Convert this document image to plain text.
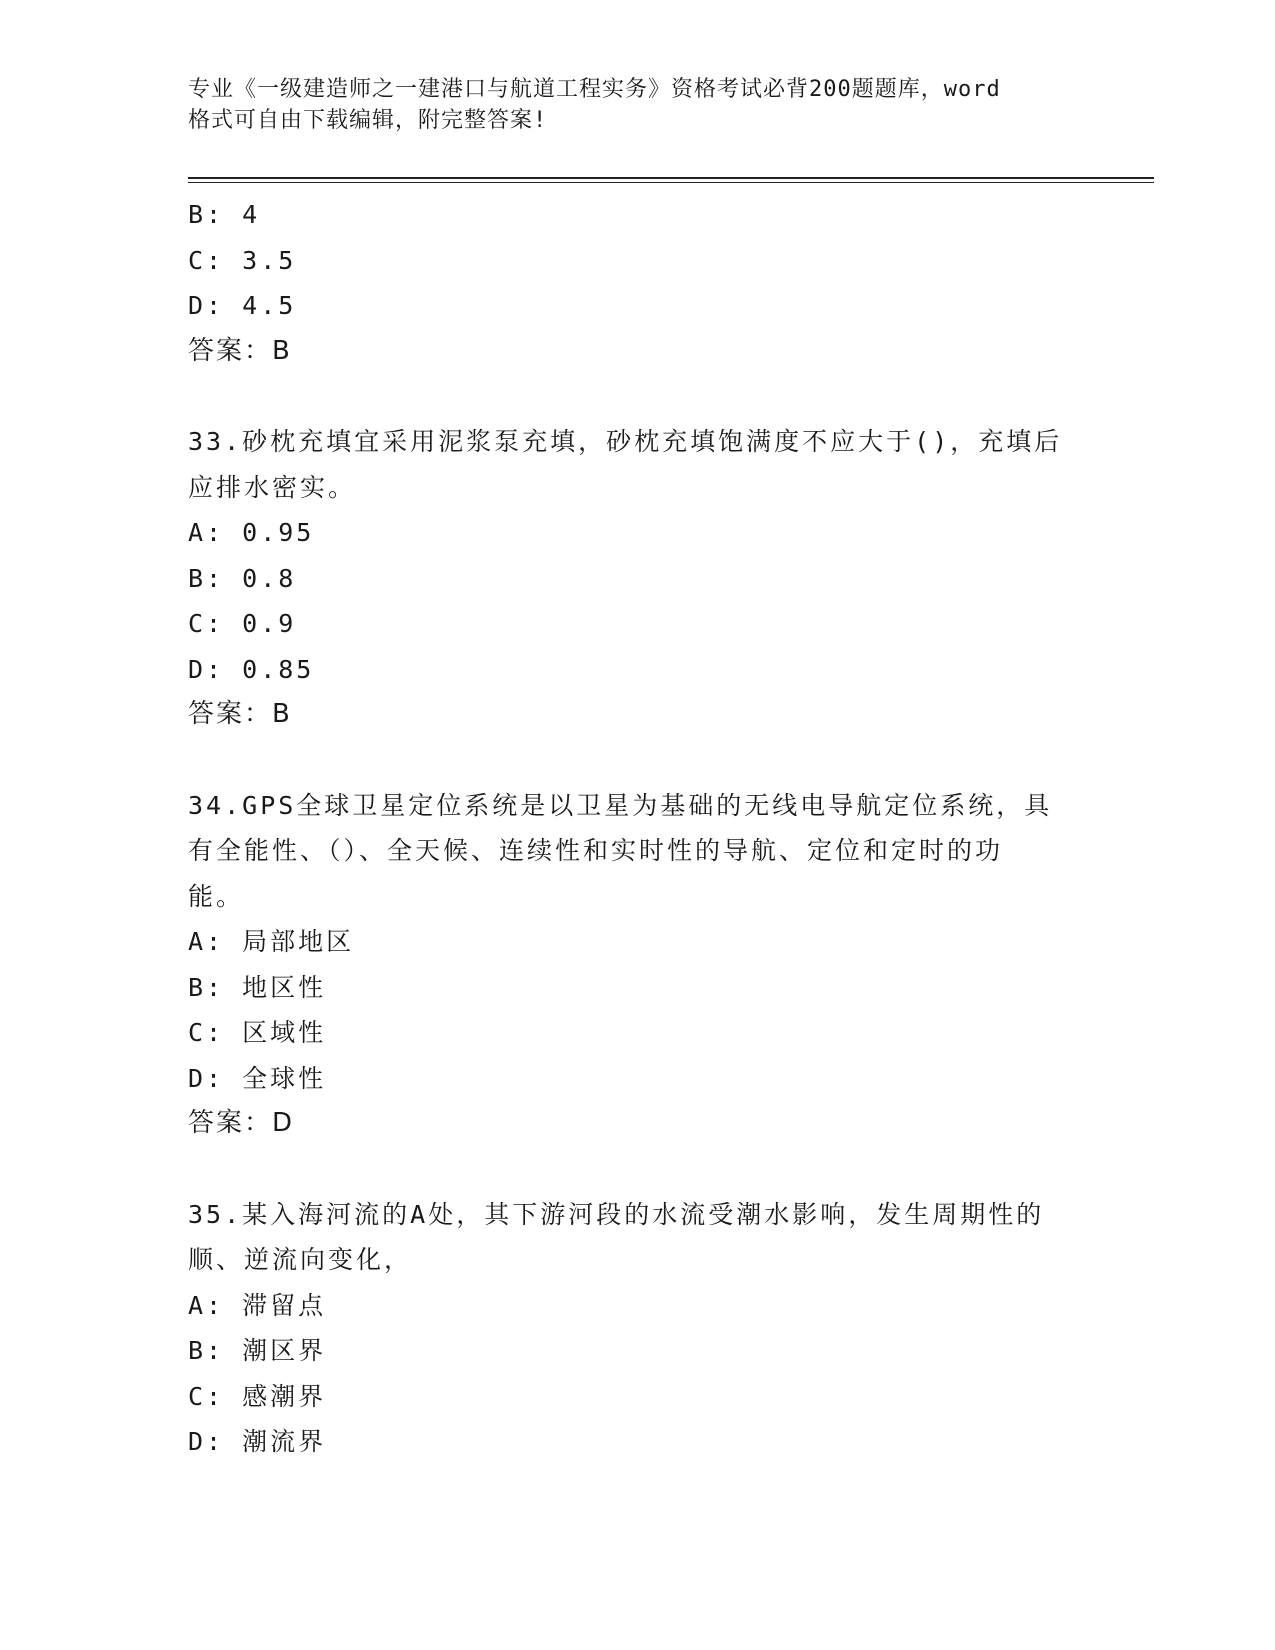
专业《一级建造师之一建港口与航道工程实务》资格考试必背200题题库，word
格式可自由下载编辑，附完整答案!
B: 4
C: 3.5
D: 4.5
答案：B
33.砂枕充填宜采用泥浆泵充填，砂枕充填饱满度不应大于()，充填后
应排水密实。
A: 0.95
B: 0.8
C: 0.9
D: 0.85
答案：B
34.GPS全球卫星定位系统是以卫星为基础的无线电导航定位系统，具
有全能性、（）、全天候、连续性和实时性的导航、定位和定时的功
能。
A: 局部地区
B: 地区性
C: 区域性
D: 全球性
答案：D
35.某入海河流的A处，其下游河段的水流受潮水影响，发生周期性的
顺、逆流向变化，
A: 滞留点
B: 潮区界
C: 感潮界
D: 潮流界
